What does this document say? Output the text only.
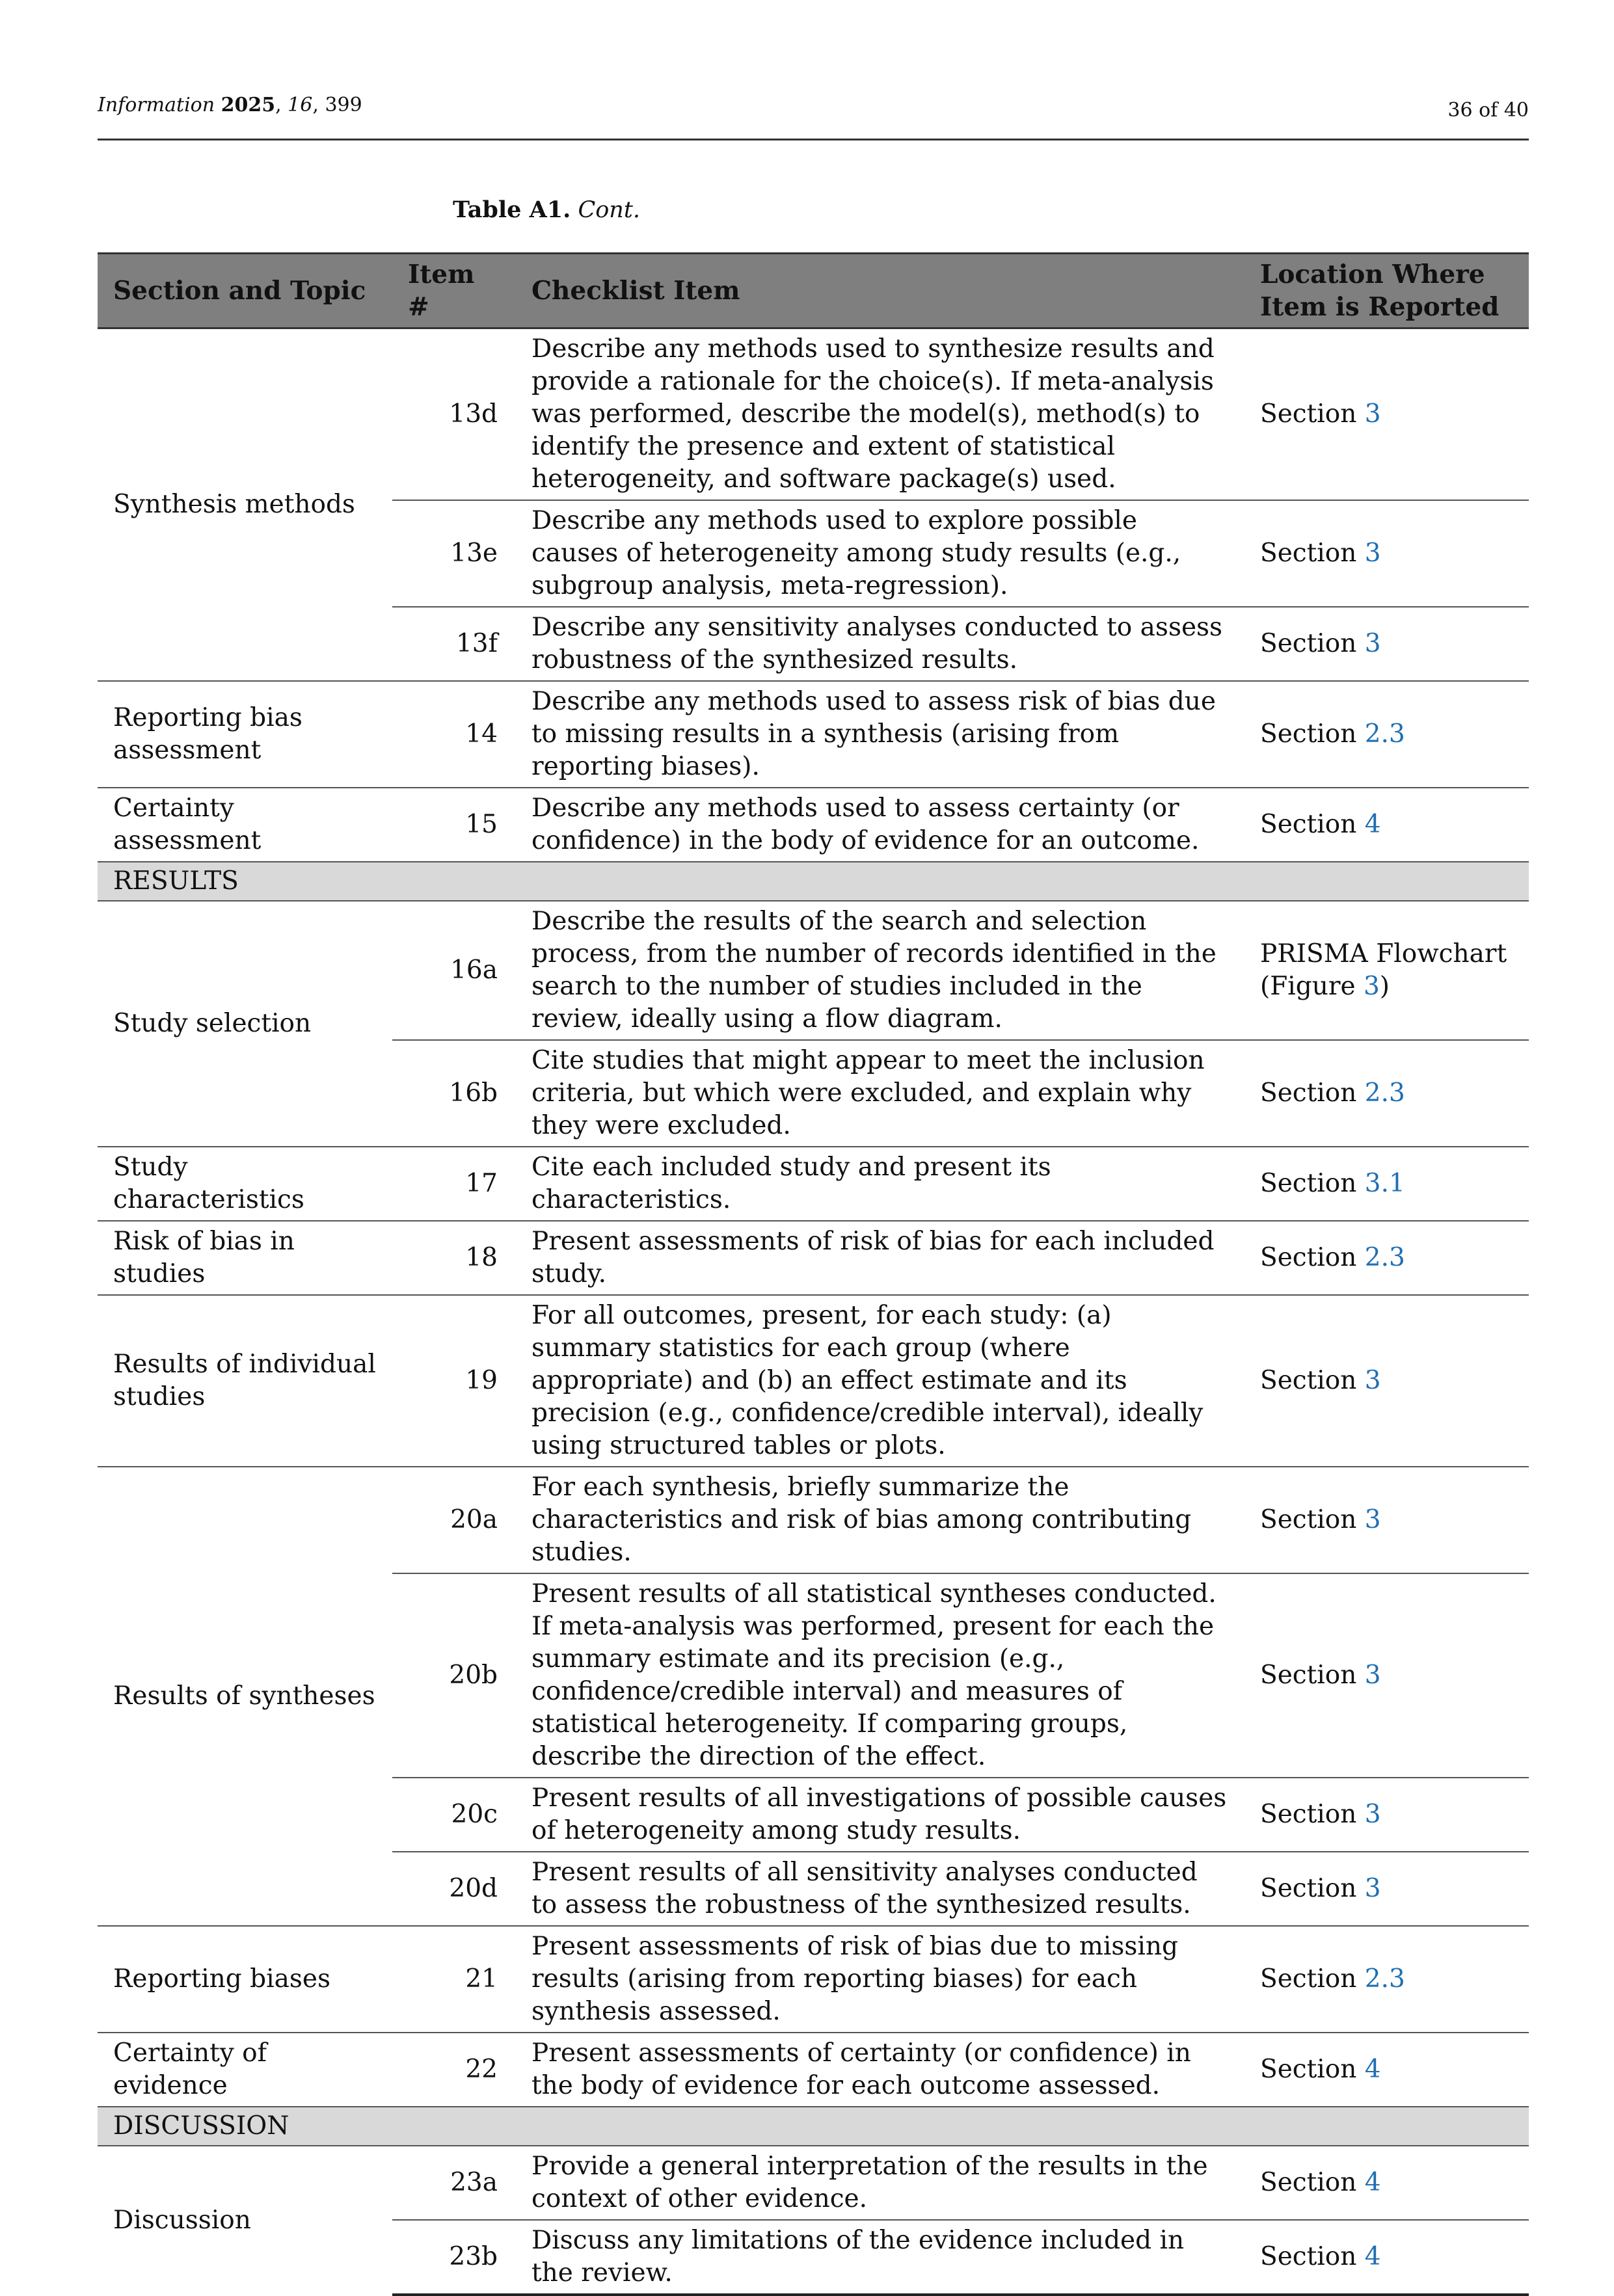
Information 2025, 16, 399	36 of 40
Table A1. Cont.
Section and Topic	Item #	Checklist Item	Location Where Item is Reported
Synthesis methods	13d	Describe any methods used to synthesize results and provide a rationale for the choice(s). If meta-analysis was performed, describe the model(s), method(s) to identify the presence and extent of statistical heterogeneity, and software package(s) used.	Section 3
	13e	Describe any methods used to explore possible causes of heterogeneity among study results (e.g., subgroup analysis, meta-regression).	Section 3
	13f	Describe any sensitivity analyses conducted to assess robustness of the synthesized results.	Section 3
Reporting bias assessment	14	Describe any methods used to assess risk of bias due to missing results in a synthesis (arising from reporting biases).	Section 2.3
Certainty assessment	15	Describe any methods used to assess certainty (or confidence) in the body of evidence for an outcome.	Section 4
RESULTS			
Study selection	16a	Describe the results of the search and selection process, from the number of records identified in the search to the number of studies included in the review, ideally using a flow diagram.	PRISMA Flowchart (Figure 3)
	16b	Cite studies that might appear to meet the inclusion criteria, but which were excluded, and explain why they were excluded.	Section 2.3
Study characteristics	17	Cite each included study and present its characteristics.	Section 3.1
Risk of bias in studies	18	Present assessments of risk of bias for each included study.	Section 2.3
Results of individual studies	19	For all outcomes, present, for each study: (a) summary statistics for each group (where appropriate) and (b) an effect estimate and its precision (e.g., confidence/credible interval), ideally using structured tables or plots.	Section 3
Results of syntheses	20a	For each synthesis, briefly summarize the characteristics and risk of bias among contributing studies.	Section 3
	20b	Present results of all statistical syntheses conducted. If meta-analysis was performed, present for each the summary estimate and its precision (e.g., confidence/credible interval) and measures of statistical heterogeneity. If comparing groups, describe the direction of the effect.	Section 3
	20c	Present results of all investigations of possible causes of heterogeneity among study results.	Section 3
	20d	Present results of all sensitivity analyses conducted to assess the robustness of the synthesized results.	Section 3
Reporting biases	21	Present assessments of risk of bias due to missing results (arising from reporting biases) for each synthesis assessed.	Section 2.3
Certainty of evidence	22	Present assessments of certainty (or confidence) in the body of evidence for each outcome assessed.	Section 4
DISCUSSION			
Discussion	23a	Provide a general interpretation of the results in the context of other evidence.	Section 4
	23b	Discuss any limitations of the evidence included in the review.	Section 4
